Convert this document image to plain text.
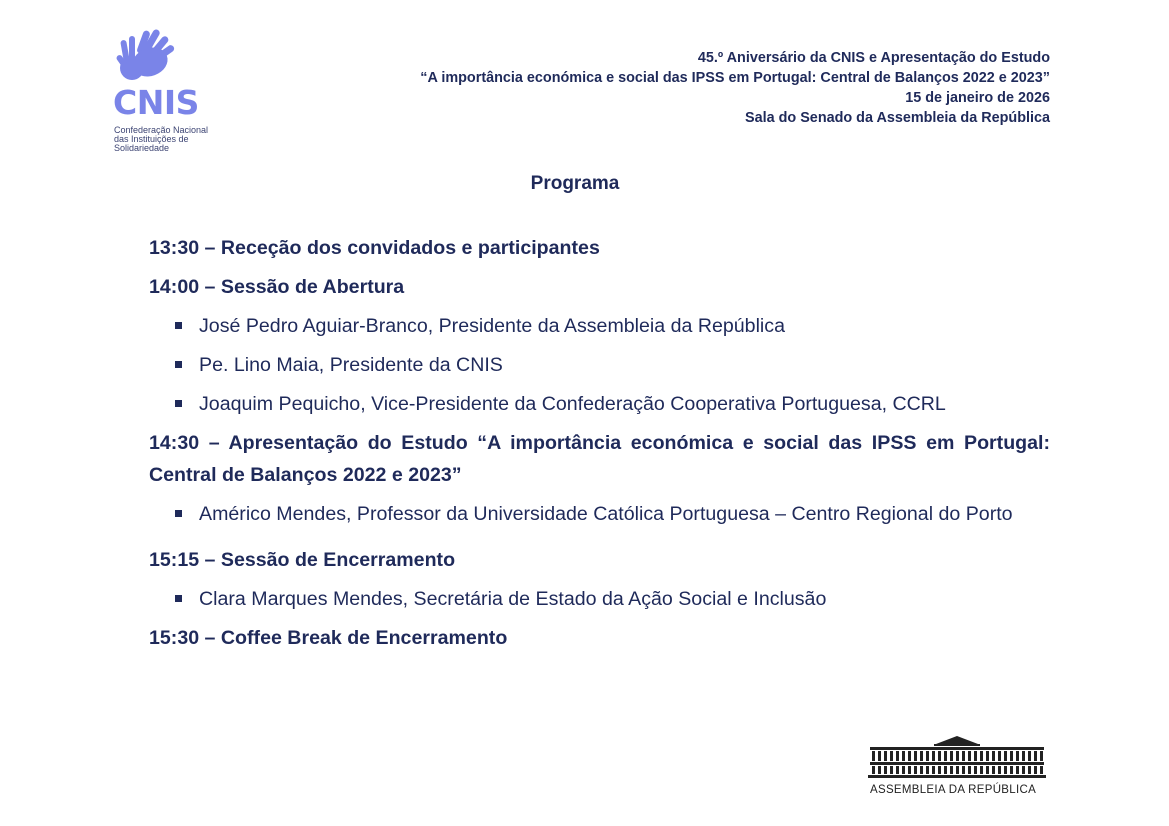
CNIS
Confederação Nacional
das Instituições de
Solidariedade
45.º Aniversário da CNIS e Apresentação do Estudo
“A importância económica e social das IPSS em Portugal: Central de Balanços 2022 e 2023”
15 de janeiro de 2026
Sala do Senado da Assembleia da República
Programa
13:30 – Receção dos convidados e participantes
14:00 – Sessão de Abertura
José Pedro Aguiar-Branco, Presidente da Assembleia da República
Pe. Lino Maia, Presidente da CNIS
Joaquim Pequicho, Vice-Presidente da Confederação Cooperativa Portuguesa, CCRL
14:30 – Apresentação do Estudo “A importância económica e social das IPSS em Portugal: Central de Balanços 2022 e 2023”
Américo Mendes, Professor da Universidade Católica Portuguesa – Centro Regional do Porto
15:15 – Sessão de Encerramento
Clara Marques Mendes, Secretária de Estado da Ação Social e Inclusão
15:30 – Coffee Break de Encerramento
ASSEMBLEIA DA REPÚBLICA
